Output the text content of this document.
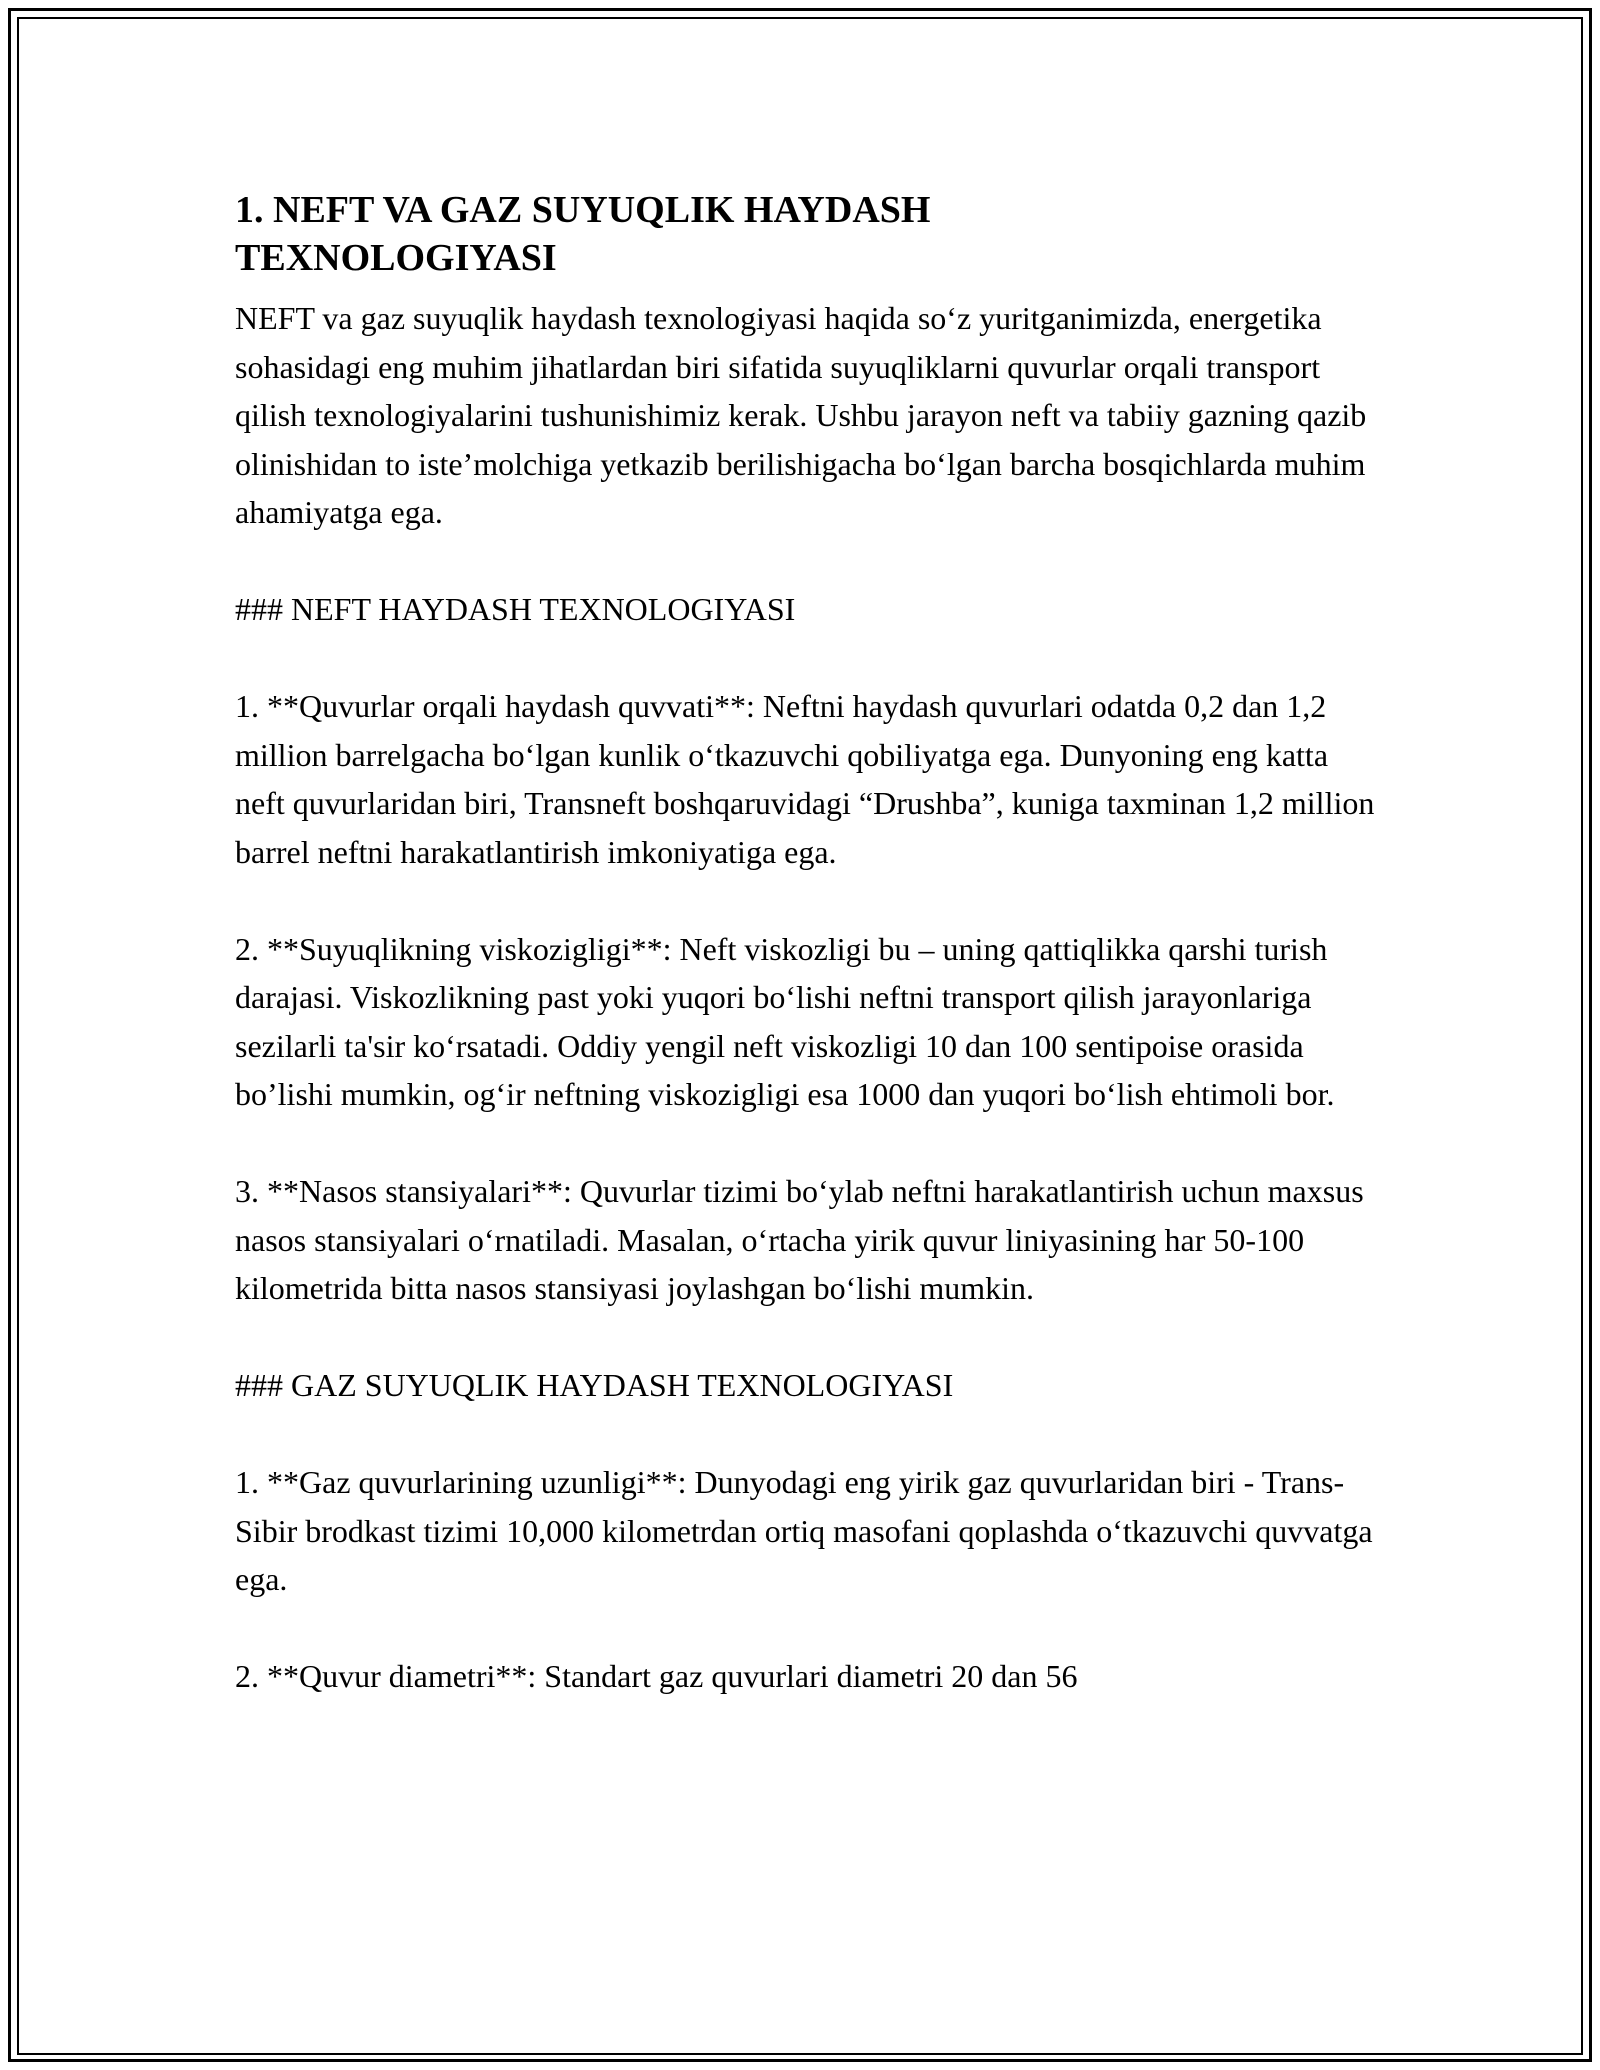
1. NEFT VA GAZ SUYUQLIK HAYDASH
TEXNOLOGIYASI

NEFT va gaz suyuqlik haydash texnologiyasi haqida so‘z yuritganimizda, energetika sohasidagi eng muhim jihatlardan biri sifatida suyuqliklarni quvurlar orqali transport qilish texnologiyalarini tushunishimiz kerak. Ushbu jarayon neft va tabiiy gazning qazib olinishidan to iste’molchiga yetkazib berilishigacha bo‘lgan barcha bosqichlarda muhim ahamiyatga ega.

### NEFT HAYDASH TEXNOLOGIYASI

1. **Quvurlar orqali haydash quvvati**: Neftni haydash quvurlari odatda 0,2 dan 1,2 million barrelgacha bo‘lgan kunlik o‘tkazuvchi qobiliyatga ega. Dunyoning eng katta neft quvurlaridan biri, Transneft boshqaruvidagi “Drushba”, kuniga taxminan 1,2 million barrel neftni harakatlantirish imkoniyatiga ega.

2. **Suyuqlikning viskozigligi**: Neft viskozligi bu – uning qattiqlikka qarshi turish darajasi. Viskozlikning past yoki yuqori bo‘lishi neftni transport qilish jarayonlariga sezilarli ta'sir ko‘rsatadi. Oddiy yengil neft viskozligi 10 dan 100 sentipoise orasida bo’lishi mumkin, og‘ir neftning viskozigligi esa 1000 dan yuqori bo‘lish ehtimoli bor.

3. **Nasos stansiyalari**: Quvurlar tizimi bo‘ylab neftni harakatlantirish uchun maxsus nasos stansiyalari o‘rnatiladi. Masalan, o‘rtacha yirik quvur liniyasining har 50-100 kilometrida bitta nasos stansiyasi joylashgan bo‘lishi mumkin.

### GAZ SUYUQLIK HAYDASH TEXNOLOGIYASI

1. **Gaz quvurlarining uzunligi**: Dunyodagi eng yirik gaz quvurlaridan biri - Trans-Sibir brodkast tizimi 10,000 kilometrdan ortiq masofani qoplashda o‘tkazuvchi quvvatga ega.

2. **Quvur diametri**: Standart gaz quvurlari diametri 20 dan 56
